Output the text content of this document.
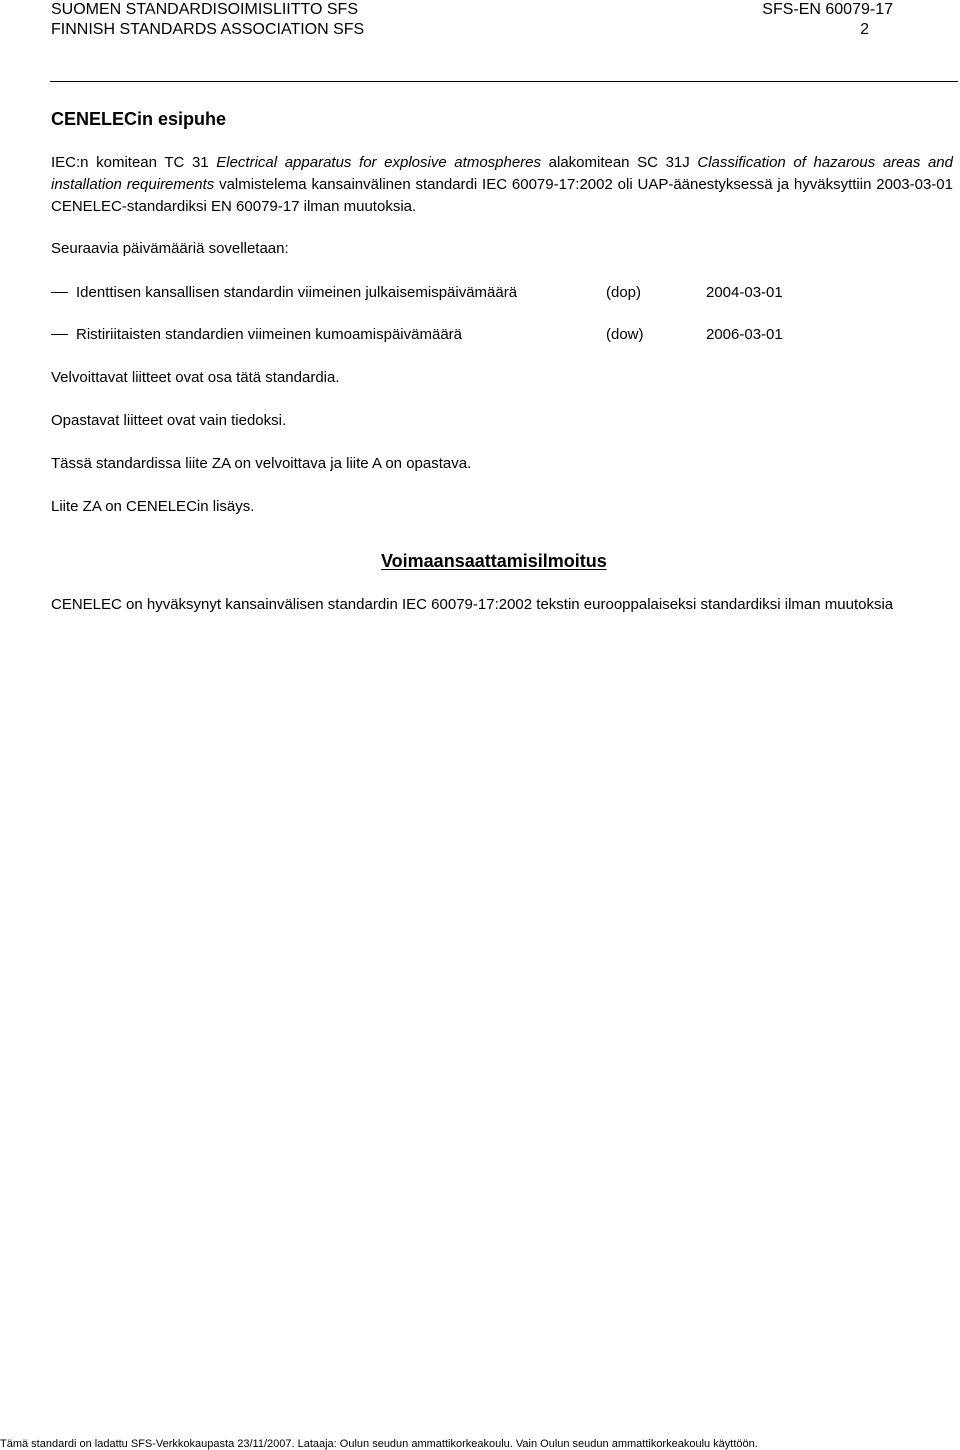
SUOMEN STANDARDISOIMISLIITTO SFS
FINNISH STANDARDS ASSOCIATION SFS
SFS-EN 60079-17
2
CENELECin esipuhe
IEC:n komitean TC 31 Electrical apparatus for explosive atmospheres alakomitean SC 31J Classification of hazarous areas and installation requirements valmistelema kansainvälinen standardi IEC 60079-17:2002 oli UAP-äänestyksessä ja hyväksyttiin 2003-03-01 CENELEC-standardiksi EN 60079-17 ilman muutoksia.
Seuraavia päivämääriä sovelletaan:
Identtisen kansallisen standardin viimeinen julkaisemispäivämäärä	(dop)	2004-03-01
Ristiriitaisten standardien viimeinen kumoamispäivämäärä	(dow)	2006-03-01
Velvoittavat liitteet ovat osa tätä standardia.
Opastavat liitteet ovat vain tiedoksi.
Tässä standardissa liite ZA on velvoittava ja liite A on opastava.
Liite ZA on CENELECin lisäys.
Voimaansaattamisilmoitus
CENELEC on hyväksynyt kansainvälisen standardin IEC 60079-17:2002 tekstin eurooppalaiseksi standardiksi ilman muutoksia
Tämä standardi on ladattu SFS-Verkkokaupasta 23/11/2007. Lataaja: Oulun seudun ammattikorkeakoulu. Vain Oulun seudun ammattikorkeakoulu käyttöön.
